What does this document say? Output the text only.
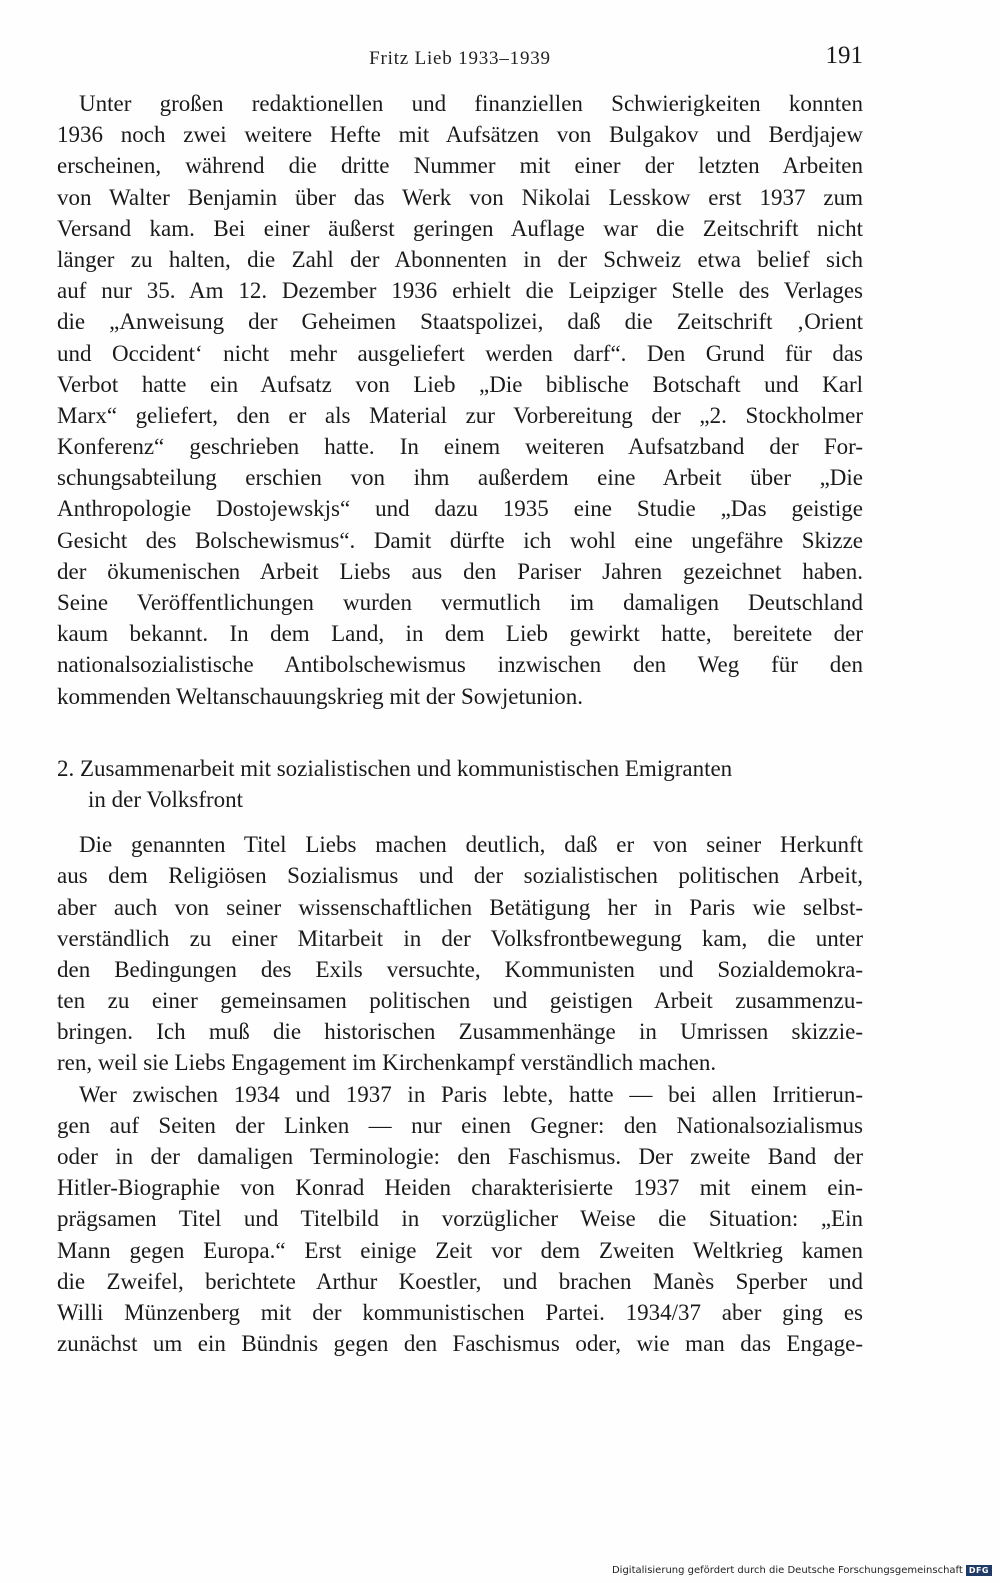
Fritz Lieb 1933–1939	191
Unter großen redaktionellen und finanziellen Schwierigkeiten konnten
1936 noch zwei weitere Hefte mit Aufsätzen von Bulgakov und Berdjajew
erscheinen, während die dritte Nummer mit einer der letzten Arbeiten
von Walter Benjamin über das Werk von Nikolai Lesskow erst 1937 zum
Versand kam. Bei einer äußerst geringen Auflage war die Zeitschrift nicht
länger zu halten, die Zahl der Abonnenten in der Schweiz etwa belief sich
auf nur 35. Am 12. Dezember 1936 erhielt die Leipziger Stelle des Verlages
die „Anweisung der Geheimen Staatspolizei, daß die Zeitschrift ‚Orient
und Occident‘ nicht mehr ausgeliefert werden darf“. Den Grund für das
Verbot hatte ein Aufsatz von Lieb „Die biblische Botschaft und Karl
Marx“ geliefert, den er als Material zur Vorbereitung der „2. Stockholmer
Konferenz“ geschrieben hatte. In einem weiteren Aufsatzband der For-
schungsabteilung erschien von ihm außerdem eine Arbeit über „Die
Anthropologie Dostojewskjs“ und dazu 1935 eine Studie „Das geistige
Gesicht des Bolschewismus“. Damit dürfte ich wohl eine ungefähre Skizze
der ökumenischen Arbeit Liebs aus den Pariser Jahren gezeichnet haben.
Seine Veröffentlichungen wurden vermutlich im damaligen Deutschland
kaum bekannt. In dem Land, in dem Lieb gewirkt hatte, bereitete der
nationalsozialistische Antibolschewismus inzwischen den Weg für den
kommenden Weltanschauungskrieg mit der Sowjetunion.
2. Zusammenarbeit mit sozialistischen und kommunistischen Emigranten
in der Volksfront
Die genannten Titel Liebs machen deutlich, daß er von seiner Herkunft
aus dem Religiösen Sozialismus und der sozialistischen politischen Arbeit,
aber auch von seiner wissenschaftlichen Betätigung her in Paris wie selbst-
verständlich zu einer Mitarbeit in der Volksfrontbewegung kam, die unter
den Bedingungen des Exils versuchte, Kommunisten und Sozialdemokra-
ten zu einer gemeinsamen politischen und geistigen Arbeit zusammenzu-
bringen. Ich muß die historischen Zusammenhänge in Umrissen skizzie-
ren, weil sie Liebs Engagement im Kirchenkampf verständlich machen.
Wer zwischen 1934 und 1937 in Paris lebte, hatte — bei allen Irritierun-
gen auf Seiten der Linken — nur einen Gegner: den Nationalsozialismus
oder in der damaligen Terminologie: den Faschismus. Der zweite Band der
Hitler-Biographie von Konrad Heiden charakterisierte 1937 mit einem ein-
prägsamen Titel und Titelbild in vorzüglicher Weise die Situation: „Ein
Mann gegen Europa.“ Erst einige Zeit vor dem Zweiten Weltkrieg kamen
die Zweifel, berichtete Arthur Koestler, und brachen Manès Sperber und
Willi Münzenberg mit der kommunistischen Partei. 1934/37 aber ging es
zunächst um ein Bündnis gegen den Faschismus oder, wie man das Engage-
Digitalisierung gefördert durch die Deutsche Forschungsgemeinschaft DFG
